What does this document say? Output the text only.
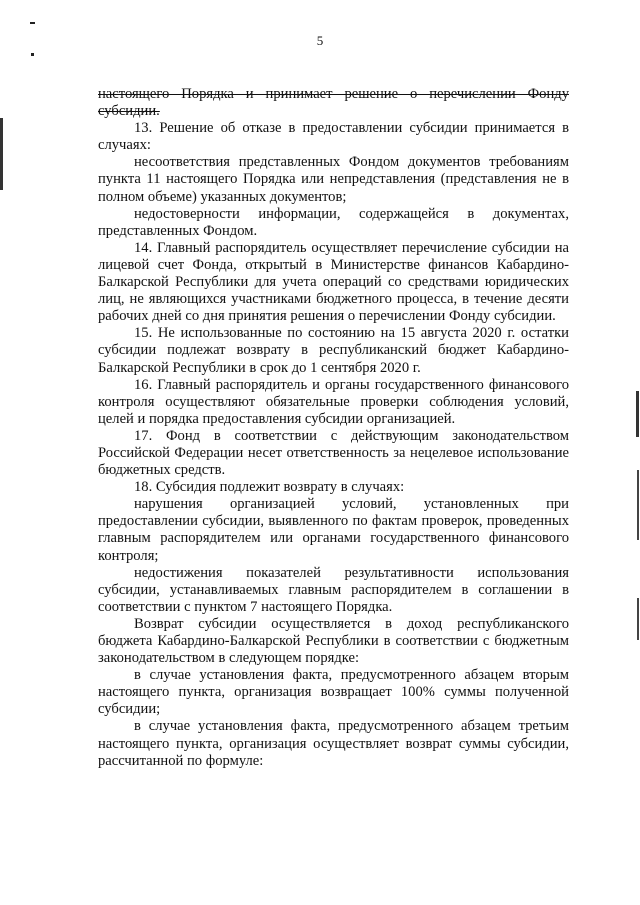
5

настоящего Порядка и принимает решение о перечислении Фонду субсидии.

13. Решение об отказе в предоставлении субсидии принимается в случаях:

несоответствия представленных Фондом документов требованиям пункта 11 настоящего Порядка или непредставления (представления не в полном объеме) указанных документов;

недостоверности информации, содержащейся в документах, представленных Фондом.

14. Главный распорядитель осуществляет перечисление субсидии на лицевой счет Фонда, открытый в Министерстве финансов Кабардино-Балкарской Республики для учета операций со средствами юридических лиц, не являющихся участниками бюджетного процесса, в течение десяти рабочих дней со дня принятия решения о перечислении Фонду субсидии.

15. Не использованные по состоянию на 15 августа 2020 г. остатки субсидии подлежат возврату в республиканский бюджет Кабардино-Балкарской Республики в срок до 1 сентября 2020 г.

16. Главный распорядитель и органы государственного финансового контроля осуществляют обязательные проверки соблюдения условий, целей и порядка предоставления субсидии организацией.

17. Фонд в соответствии с действующим законодательством Российской Федерации несет ответственность за нецелевое использование бюджетных средств.

18. Субсидия подлежит возврату в случаях:

нарушения организацией условий, установленных при предоставлении субсидии, выявленного по фактам проверок, проведенных главным распорядителем или органами государственного финансового контроля;

недостижения показателей результативности использования субсидии, устанавливаемых главным распорядителем в соглашении в соответствии с пунктом 7 настоящего Порядка.

Возврат субсидии осуществляется в доход республиканского бюджета Кабардино-Балкарской Республики в соответствии с бюджетным законодательством в следующем порядке:

в случае установления факта, предусмотренного абзацем вторым настоящего пункта, организация возвращает 100% суммы полученной субсидии;

в случае установления факта, предусмотренного абзацем третьим настоящего пункта, организация осуществляет возврат суммы субсидии, рассчитанной по формуле:
